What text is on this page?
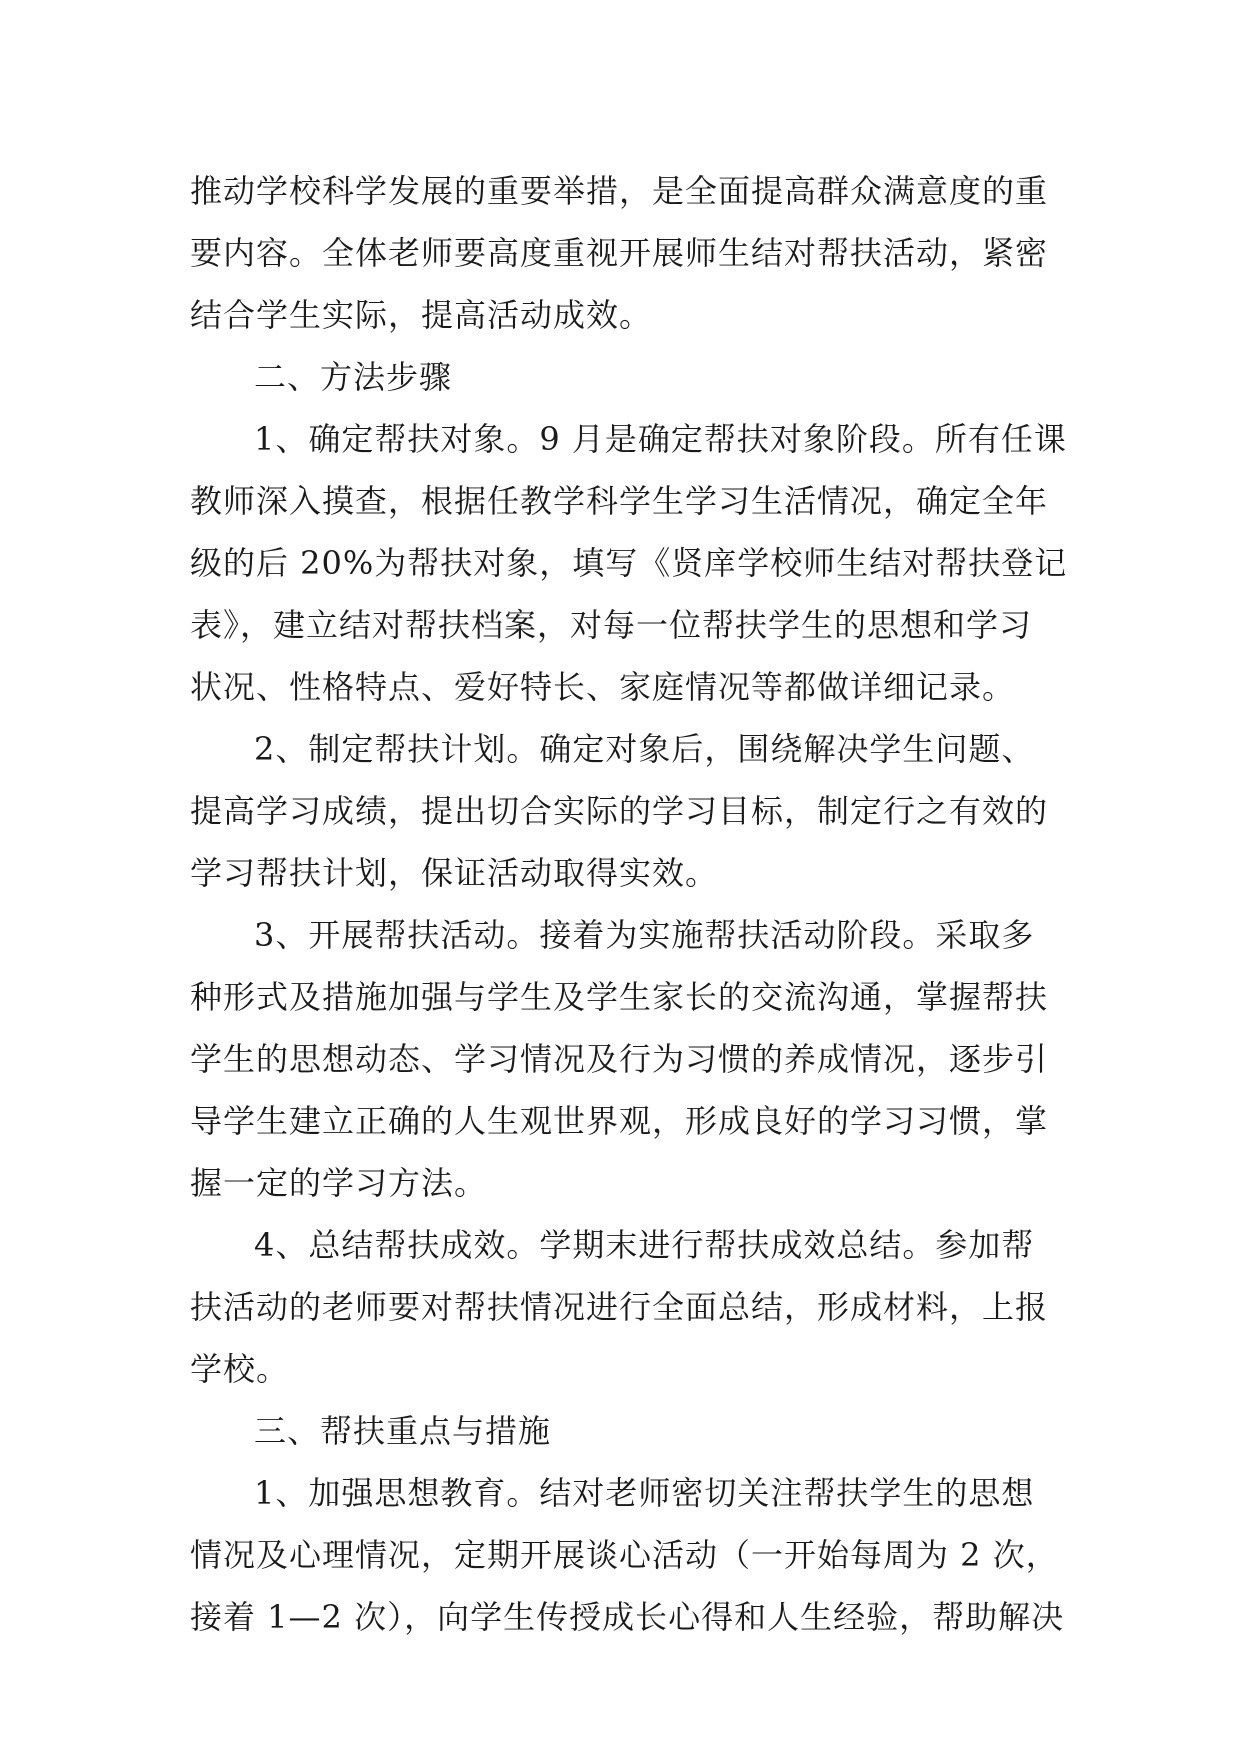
推动学校科学发展的重要举措，是全面提高群众满意度的重
要内容。全体老师要高度重视开展师生结对帮扶活动，紧密
结合学生实际，提高活动成效。
二、方法步骤
1、确定帮扶对象。9 月是确定帮扶对象阶段。所有任课
教师深入摸查，根据任教学科学生学习生活情况，确定全年
级的后 20%为帮扶对象，填写《贤庠学校师生结对帮扶登记
表》，建立结对帮扶档案，对每一位帮扶学生的思想和学习
状况、性格特点、爱好特长、家庭情况等都做详细记录。
2、制定帮扶计划。确定对象后，围绕解决学生问题、
提高学习成绩，提出切合实际的学习目标，制定行之有效的
学习帮扶计划，保证活动取得实效。
3、开展帮扶活动。接着为实施帮扶活动阶段。采取多
种形式及措施加强与学生及学生家长的交流沟通，掌握帮扶
学生的思想动态、学习情况及行为习惯的养成情况，逐步引
导学生建立正确的人生观世界观，形成良好的学习习惯，掌
握一定的学习方法。
4、总结帮扶成效。学期末进行帮扶成效总结。参加帮
扶活动的老师要对帮扶情况进行全面总结，形成材料，上报
学校。
三、帮扶重点与措施
1、加强思想教育。结对老师密切关注帮扶学生的思想
情况及心理情况，定期开展谈心活动（一开始每周为 2 次，
接着 1—2 次），向学生传授成长心得和人生经验，帮助解决
